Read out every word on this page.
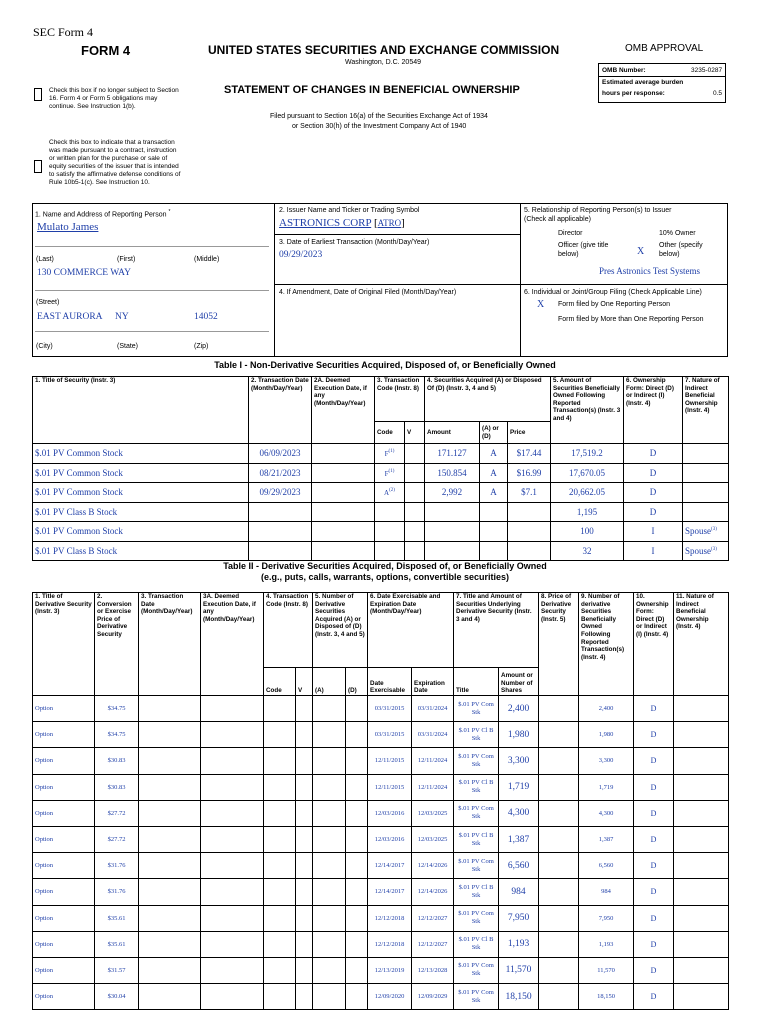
SEC Form 4
FORM 4	UNITED STATES SECURITIES AND EXCHANGE COMMISSION
Washington, D.C. 20549
STATEMENT OF CHANGES IN BENEFICIAL OWNERSHIP
Filed pursuant to Section 16(a) of the Securities Exchange Act of 1934
or Section 30(h) of the Investment Company Act of 1940
Check this box if no longer subject to Section 16. Form 4 or Form 5 obligations may continue. See Instruction 1(b).
Check this box to indicate that a transaction was made pursuant to a contract, instruction or written plan for the purchase or sale of equity securities of the issuer that is intended to satisfy the affirmative defense conditions of Rule 10b5-1(c). See Instruction 10.
OMB APPROVAL
OMB Number:	3235-0287
Estimated average burden
hours per response:	0.5
1. Name and Address of Reporting Person *
Mulato James
(Last)	(First)	(Middle)
130 COMMERCE WAY
(Street)
EAST AURORA NY	14052
(City)	(State)	(Zip)
2. Issuer Name and Ticker or Trading Symbol
ASTRONICS CORP [ATRO]
3. Date of Earliest Transaction (Month/Day/Year)
09/29/2023
4. If Amendment, Date of Original Filed (Month/Day/Year)
5. Relationship of Reporting Person(s) to Issuer
(Check all applicable)
Director	10% Owner
Officer (give title below)	X
Other (specify below)
Pres Astronics Test Systems
6. Individual or Joint/Group Filing (Check Applicable Line)
X Form filed by One Reporting Person
Form filed by More than One Reporting Person
Table I - Non-Derivative Securities Acquired, Disposed of, or Beneficially Owned
1. Title of Security (Instr. 3)	2. Transaction Date (Month/Day/Year)	2A. Deemed Execution Date, if any (Month/Day/Year)	3. Transaction Code (Instr. 8)		4. Securities Acquired (A) or Disposed Of (D) (Instr. 3, 4 and 5)			5. Amount of Securities Beneficially Owned Following Reported Transaction(s) (Instr. 3 and 4)	6. Ownership Form: Direct (D) or Indirect (I) (Instr. 4)	7. Nature of Indirect Beneficial Ownership (Instr. 4)
			Code	V	Amount	(A) or (D)	Price			
$.01 PV Common Stock	06/09/2023		$F^{(1)}$		171.127	A	$17.44	17,519.2	D	
$.01 PV Common Stock	08/21/2023		$F^{(1)}$		150.854	A	$16.99	17,670.05	D	
$.01 PV Common Stock	09/29/2023		$A^{(2)}$		2,992	A	$7.1	20,662.05	D	
$.01 PV Class B Stock								1,195	D	
$.01 PV Common Stock								100	I	Spouse$^{(3)}$
$.01 PV Class B Stock								32	I	Spouse$^{(3)}$
Table II - Derivative Securities Acquired, Disposed of, or Beneficially Owned
(e.g., puts, calls, warrants, options, convertible securities)
1. Title of Derivative Security (Instr. 3)	2. Conversion or Exercise Price of Derivative Security	3. Transaction Date (Month/Day/Year)	3A. Deemed Execution Date, if any (Month/Day/Year)	4. Transaction Code (Instr. 8)		5. Number of Derivative Securities Acquired (A) or Disposed of (D) (Instr. 3, 4 and 5)		6. Date Exercisable and Expiration Date (Month/Day/Year)		7. Title and Amount of Securities Underlying Derivative Security (Instr. 3 and 4)		8. Price of Derivative Security (Instr. 5)	9. Number of derivative Securities Beneficially Owned Following Reported Transaction(s) (Instr. 4)	10. Ownership Form: Direct (D) or Indirect (I) (Instr. 4)	11. Nature of Indirect Beneficial Ownership (Instr. 4)
				Code	V	(A)	(D)	Date Exercisable	Expiration Date	Title	Amount or Number of Shares				
Option	$34.75							03/31/2015	03/31/2024	$.01 PV Com Stk	2,400		2,400	D	
Option	$34.75							03/31/2015	03/31/2024	$.01 PV Cl B Stk	1,980		1,980	D	
Option	$30.83							12/11/2015	12/11/2024	$.01 PV Com Stk	3,300		3,300	D	
Option	$30.83							12/11/2015	12/11/2024	$.01 PV Cl B Stk	1,719		1,719	D	
Option	$27.72							12/03/2016	12/03/2025	$.01 PV Com Stk	4,300		4,300	D	
Option	$27.72							12/03/2016	12/03/2025	$.01 PV Cl B Stk	1,387		1,387	D	
Option	$31.76							12/14/2017	12/14/2026	$.01 PV Com Stk	6,560		6,560	D	
Option	$31.76							12/14/2017	12/14/2026	$.01 PV Cl B Stk	984		984	D	
Option	$35.61							12/12/2018	12/12/2027	$.01 PV Com Stk	7,950		7,950	D	
Option	$35.61							12/12/2018	12/12/2027	$.01 PV Cl B Stk	1,193		1,193	D	
Option	$31.57							12/13/2019	12/13/2028	$.01 PV Com Stk	11,570		11,570	D	
Option	$30.04							12/09/2020	12/09/2029	$.01 PV Com Stk	18,150		18,150	D	
